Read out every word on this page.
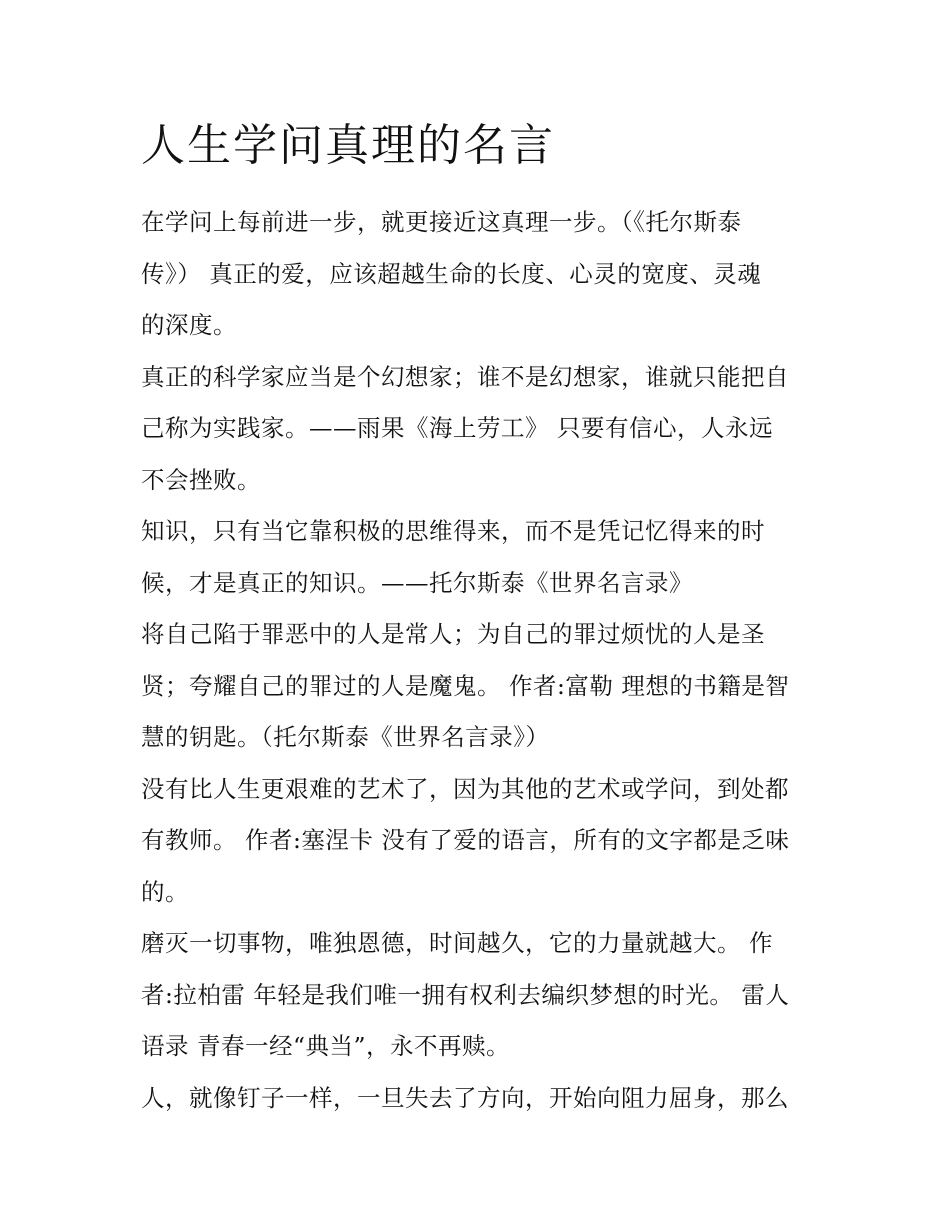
人生学问真理的名言
在学问上每前进一步，就更接近这真理一步。（《托尔斯泰
传》） 真正的爱，应该超越生命的长度、心灵的宽度、灵魂
的深度。
真正的科学家应当是个幻想家；谁不是幻想家，谁就只能把自
己称为实践家。——雨果《海上劳工》 只要有信心，人永远
不会挫败。
知识，只有当它靠积极的思维得来，而不是凭记忆得来的时
候，才是真正的知识。——托尔斯泰《世界名言录》
将自己陷于罪恶中的人是常人；为自己的罪过烦忧的人是圣
贤；夸耀自己的罪过的人是魔鬼。 作者:富勒 理想的书籍是智
慧的钥匙。（托尔斯泰《世界名言录》）
没有比人生更艰难的艺术了，因为其他的艺术或学问，到处都
有教师。 作者:塞涅卡 没有了爱的语言，所有的文字都是乏味
的。
磨灭一切事物，唯独恩德，时间越久，它的力量就越大。 作
者:拉柏雷 年轻是我们唯一拥有权利去编织梦想的时光。 雷人
语录 青春一经“典当”，永不再赎。
人，就像钉子一样，一旦失去了方向，开始向阻力屈身，那么
